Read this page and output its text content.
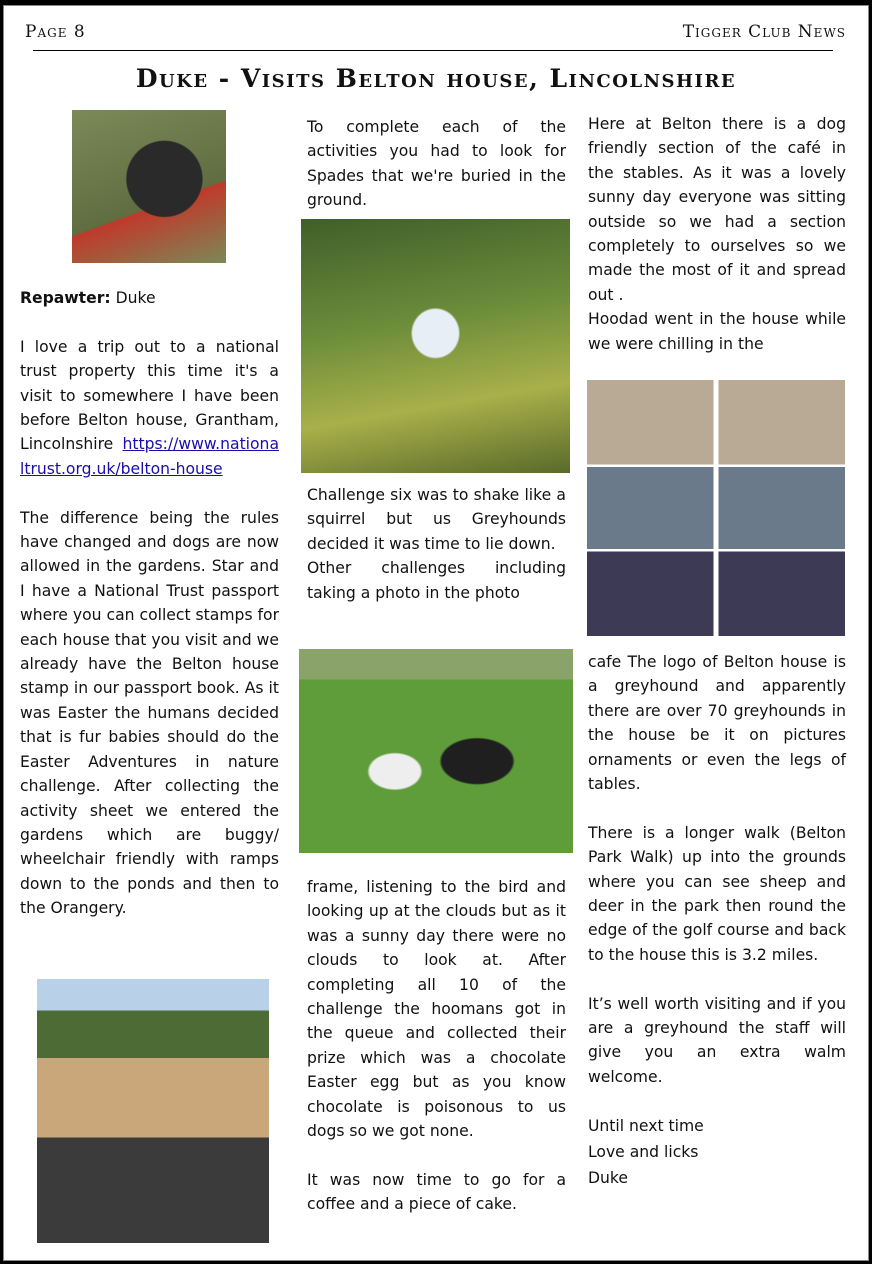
Page 8	Tigger Club News
Duke - Visits Belton house, Lincolnshire

Repawter: Duke

I love a trip out to a national trust property this time it's a visit to somewhere I have been before Belton house, Grantham, Lincolnshire https://www.nationaltrust.org.uk/belton-house

The difference being the rules have changed and dogs are now allowed in the gardens. Star and I have a National Trust passport where you can collect stamps for each house that you visit and we already have the Belton house stamp in our passport book. As it was Easter the humans decided that is fur babies should do the Easter Adventures in nature challenge. After collecting the activity sheet we entered the gardens which are buggy/ wheelchair friendly with ramps down to the ponds and then to the Orangery.

To complete each of the activities you had to look for Spades that we're buried in the ground.

Challenge six was to shake like a squirrel but us Greyhounds decided it was time to lie down.

Other challenges including taking a photo in the photo

frame, listening to the bird and looking up at the clouds but as it was a sunny day there were no clouds to look at. After completing all 10 of the challenge the hoomans got in the queue and collected their prize which was a chocolate Easter egg but as you know chocolate is poisonous to us dogs so we got none.

It was now time to go for a coffee and a piece of cake.

Here at Belton there is a dog friendly section of the café in the stables. As it was a lovely sunny day everyone was sitting outside so we had a section completely to ourselves so we made the most of it and spread out .

Hoodad went in the house while we were chilling in the

cafe The logo of Belton house is a greyhound and apparently there are over 70 greyhounds in the house be it on pictures ornaments or even the legs of tables.

There is a longer walk (Belton Park Walk) up into the grounds where you can see sheep and deer in the park then round the edge of the golf course and back to the house this is 3.2 miles.

It’s well worth visiting and if you are a greyhound the staff will give you an extra walm welcome.

Until next time

Love and licks

Duke
